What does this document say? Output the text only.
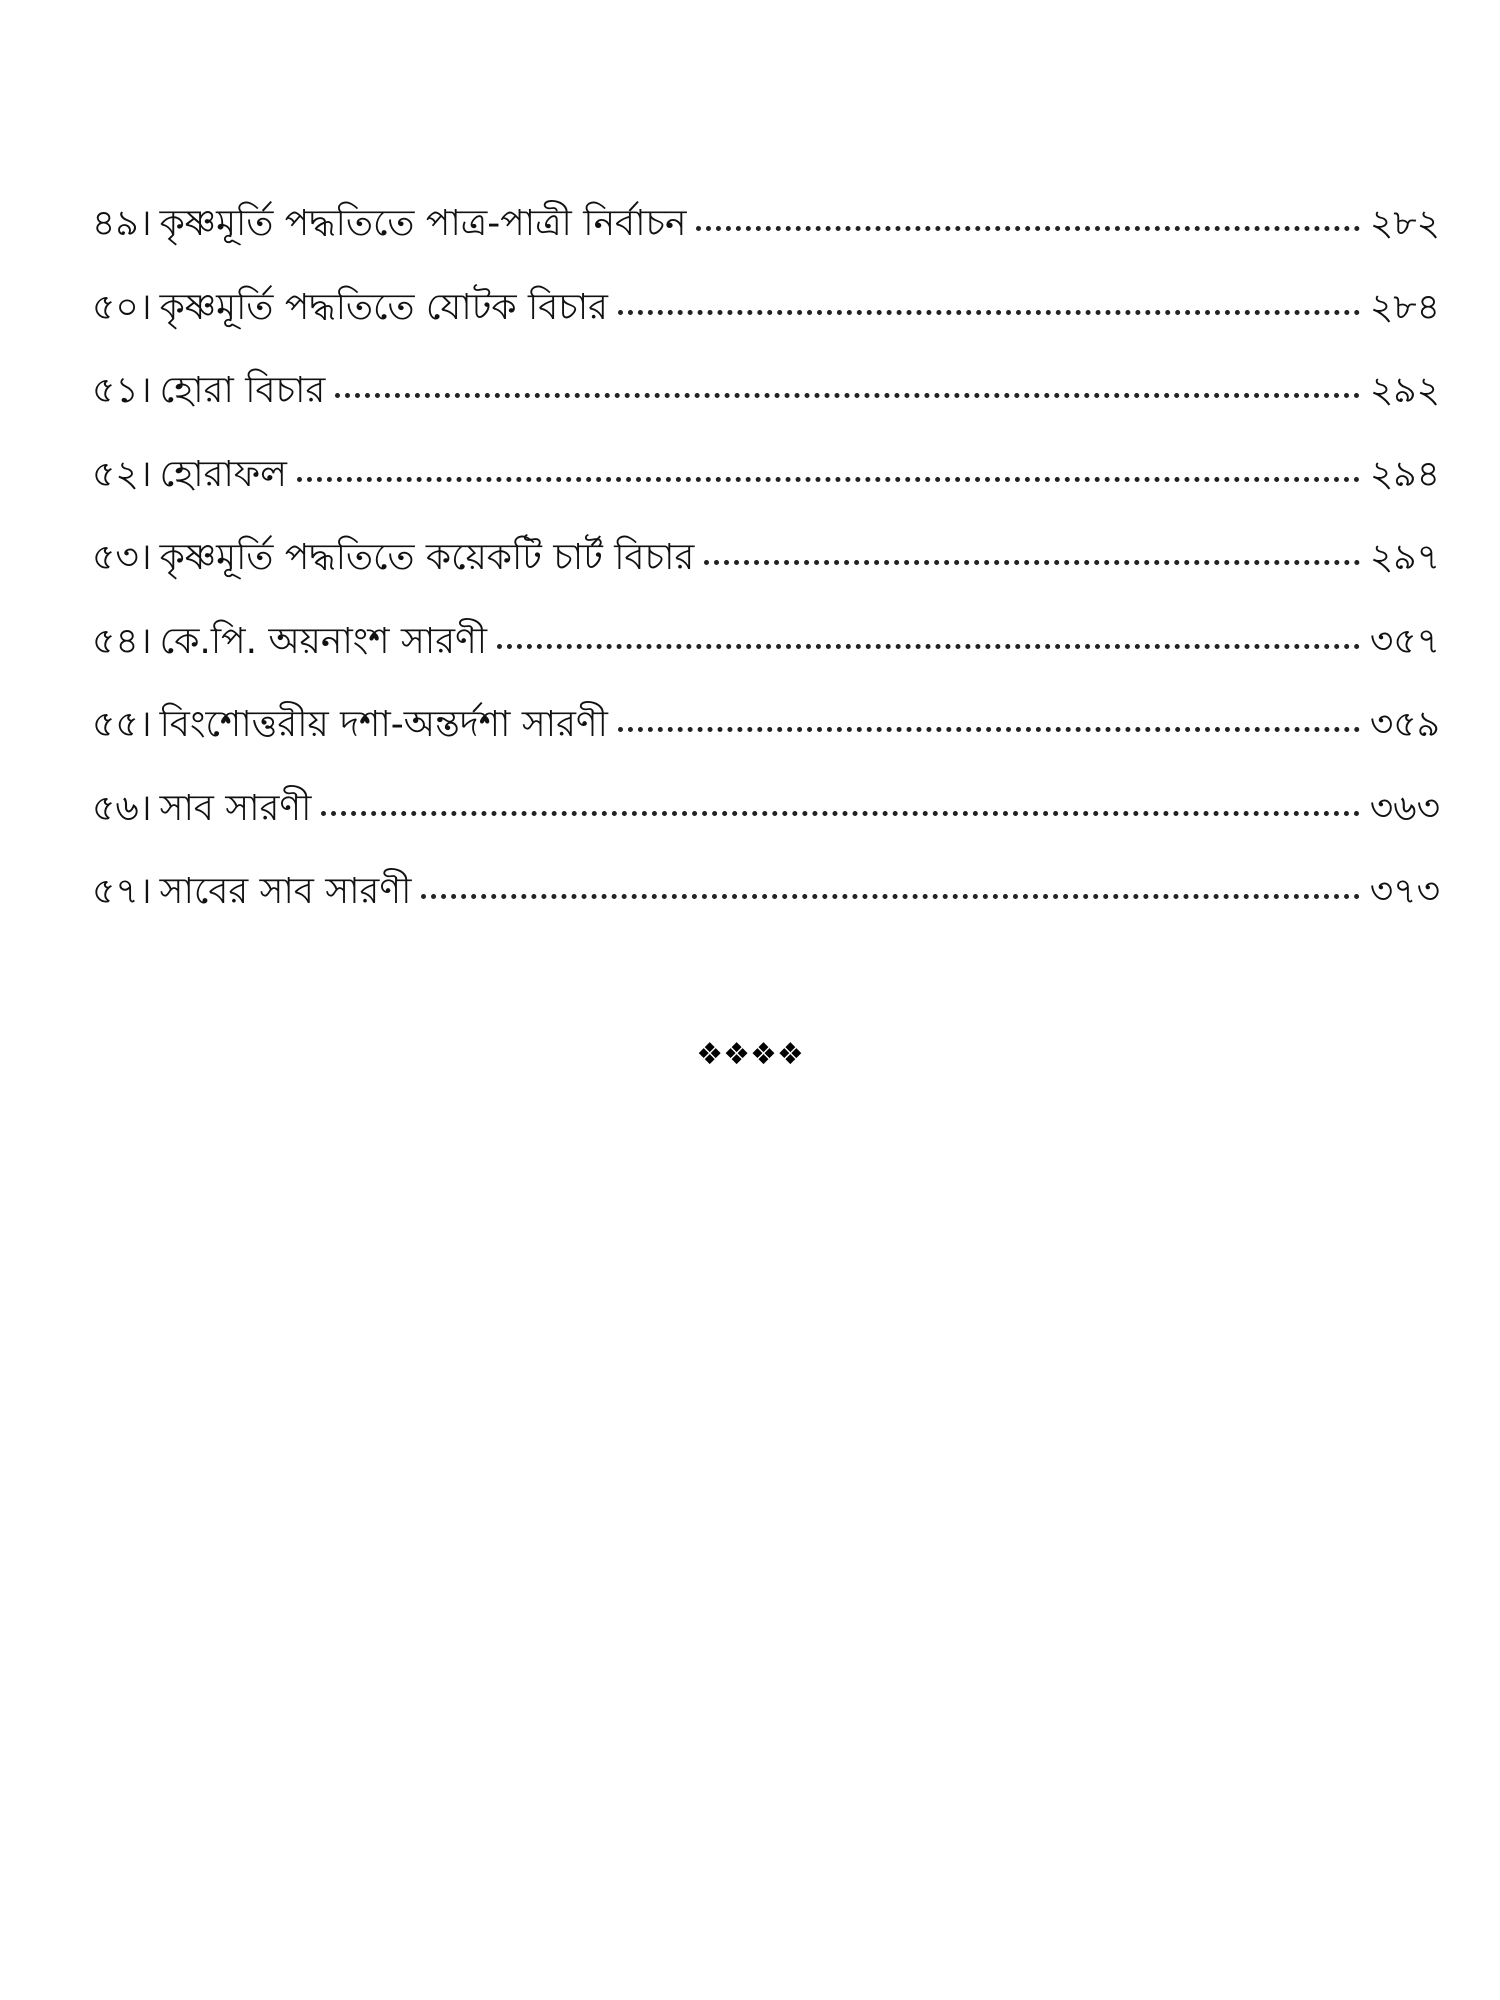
৪৯। কৃষ্ণমূর্তি পদ্ধতিতে পাত্র-পাত্রী নির্বাচন	২৮২
৫০। কৃষ্ণমূর্তি পদ্ধতিতে যোটক বিচার	২৮৪
৫১। হোরা বিচার	২৯২
৫২। হোরাফল	২৯৪
৫৩। কৃষ্ণমূর্তি পদ্ধতিতে কয়েকটি চার্ট বিচার	২৯৭
৫৪। কে.পি. অয়নাংশ সারণী	৩৫৭
৫৫। বিংশোত্তরীয় দশা-অন্তর্দশা সারণী	৩৫৯
৫৬। সাব সারণী	৩৬৩
৫৭। সাবের সাব সারণী	৩৭৩
❖❖❖❖
